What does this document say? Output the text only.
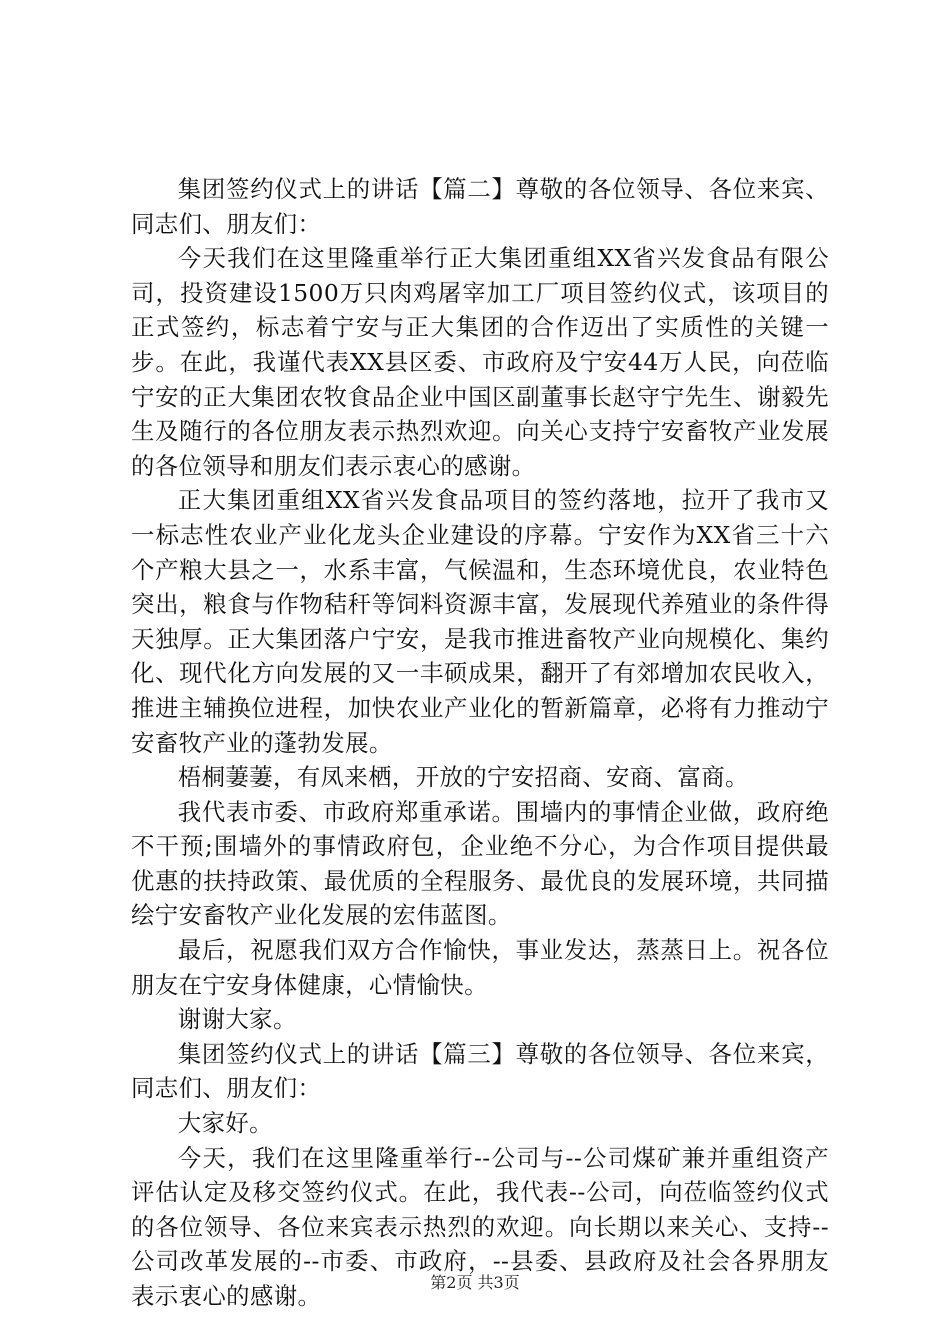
集团签约仪式上的讲话【篇二】尊敬的各位领导、各位来宾、同志们、朋友们：

今天我们在这里隆重举行正大集团重组XX省兴发食品有限公司，投资建设1500万只肉鸡屠宰加工厂项目签约仪式，该项目的正式签约，标志着宁安与正大集团的合作迈出了实质性的关键一步。在此，我谨代表XX县区委、市政府及宁安44万人民，向莅临宁安的正大集团农牧食品企业中国区副董事长赵守宁先生、谢毅先生及随行的各位朋友表示热烈欢迎。向关心支持宁安畜牧产业发展的各位领导和朋友们表示衷心的感谢。

正大集团重组XX省兴发食品项目的签约落地，拉开了我市又一标志性农业产业化龙头企业建设的序幕。宁安作为XX省三十六个产粮大县之一，水系丰富，气候温和，生态环境优良，农业特色突出，粮食与作物秸秆等饲料资源丰富，发展现代养殖业的条件得天独厚。正大集团落户宁安，是我市推进畜牧产业向规模化、集约化、现代化方向发展的又一丰硕成果，翻开了有郊增加农民收入，推进主辅换位进程，加快农业产业化的暂新篇章，必将有力推动宁安畜牧产业的蓬勃发展。

梧桐萋萋，有凤来栖，开放的宁安招商、安商、富商。

我代表市委、市政府郑重承诺。围墙内的事情企业做，政府绝不干预;围墙外的事情政府包，企业绝不分心，为合作项目提供最优惠的扶持政策、最优质的全程服务、最优良的发展环境，共同描绘宁安畜牧产业化发展的宏伟蓝图。

最后，祝愿我们双方合作愉快，事业发达，蒸蒸日上。祝各位朋友在宁安身体健康，心情愉快。

谢谢大家。

集团签约仪式上的讲话【篇三】尊敬的各位领导、各位来宾，同志们、朋友们：

大家好。

今天，我们在这里隆重举行--公司与--公司煤矿兼并重组资产评估认定及移交签约仪式。在此，我代表--公司，向莅临签约仪式的各位领导、各位来宾表示热烈的欢迎。向长期以来关心、支持--公司改革发展的--市委、市政府，--县委、县政府及社会各界朋友表示衷心的感谢。	第2页 共3页
